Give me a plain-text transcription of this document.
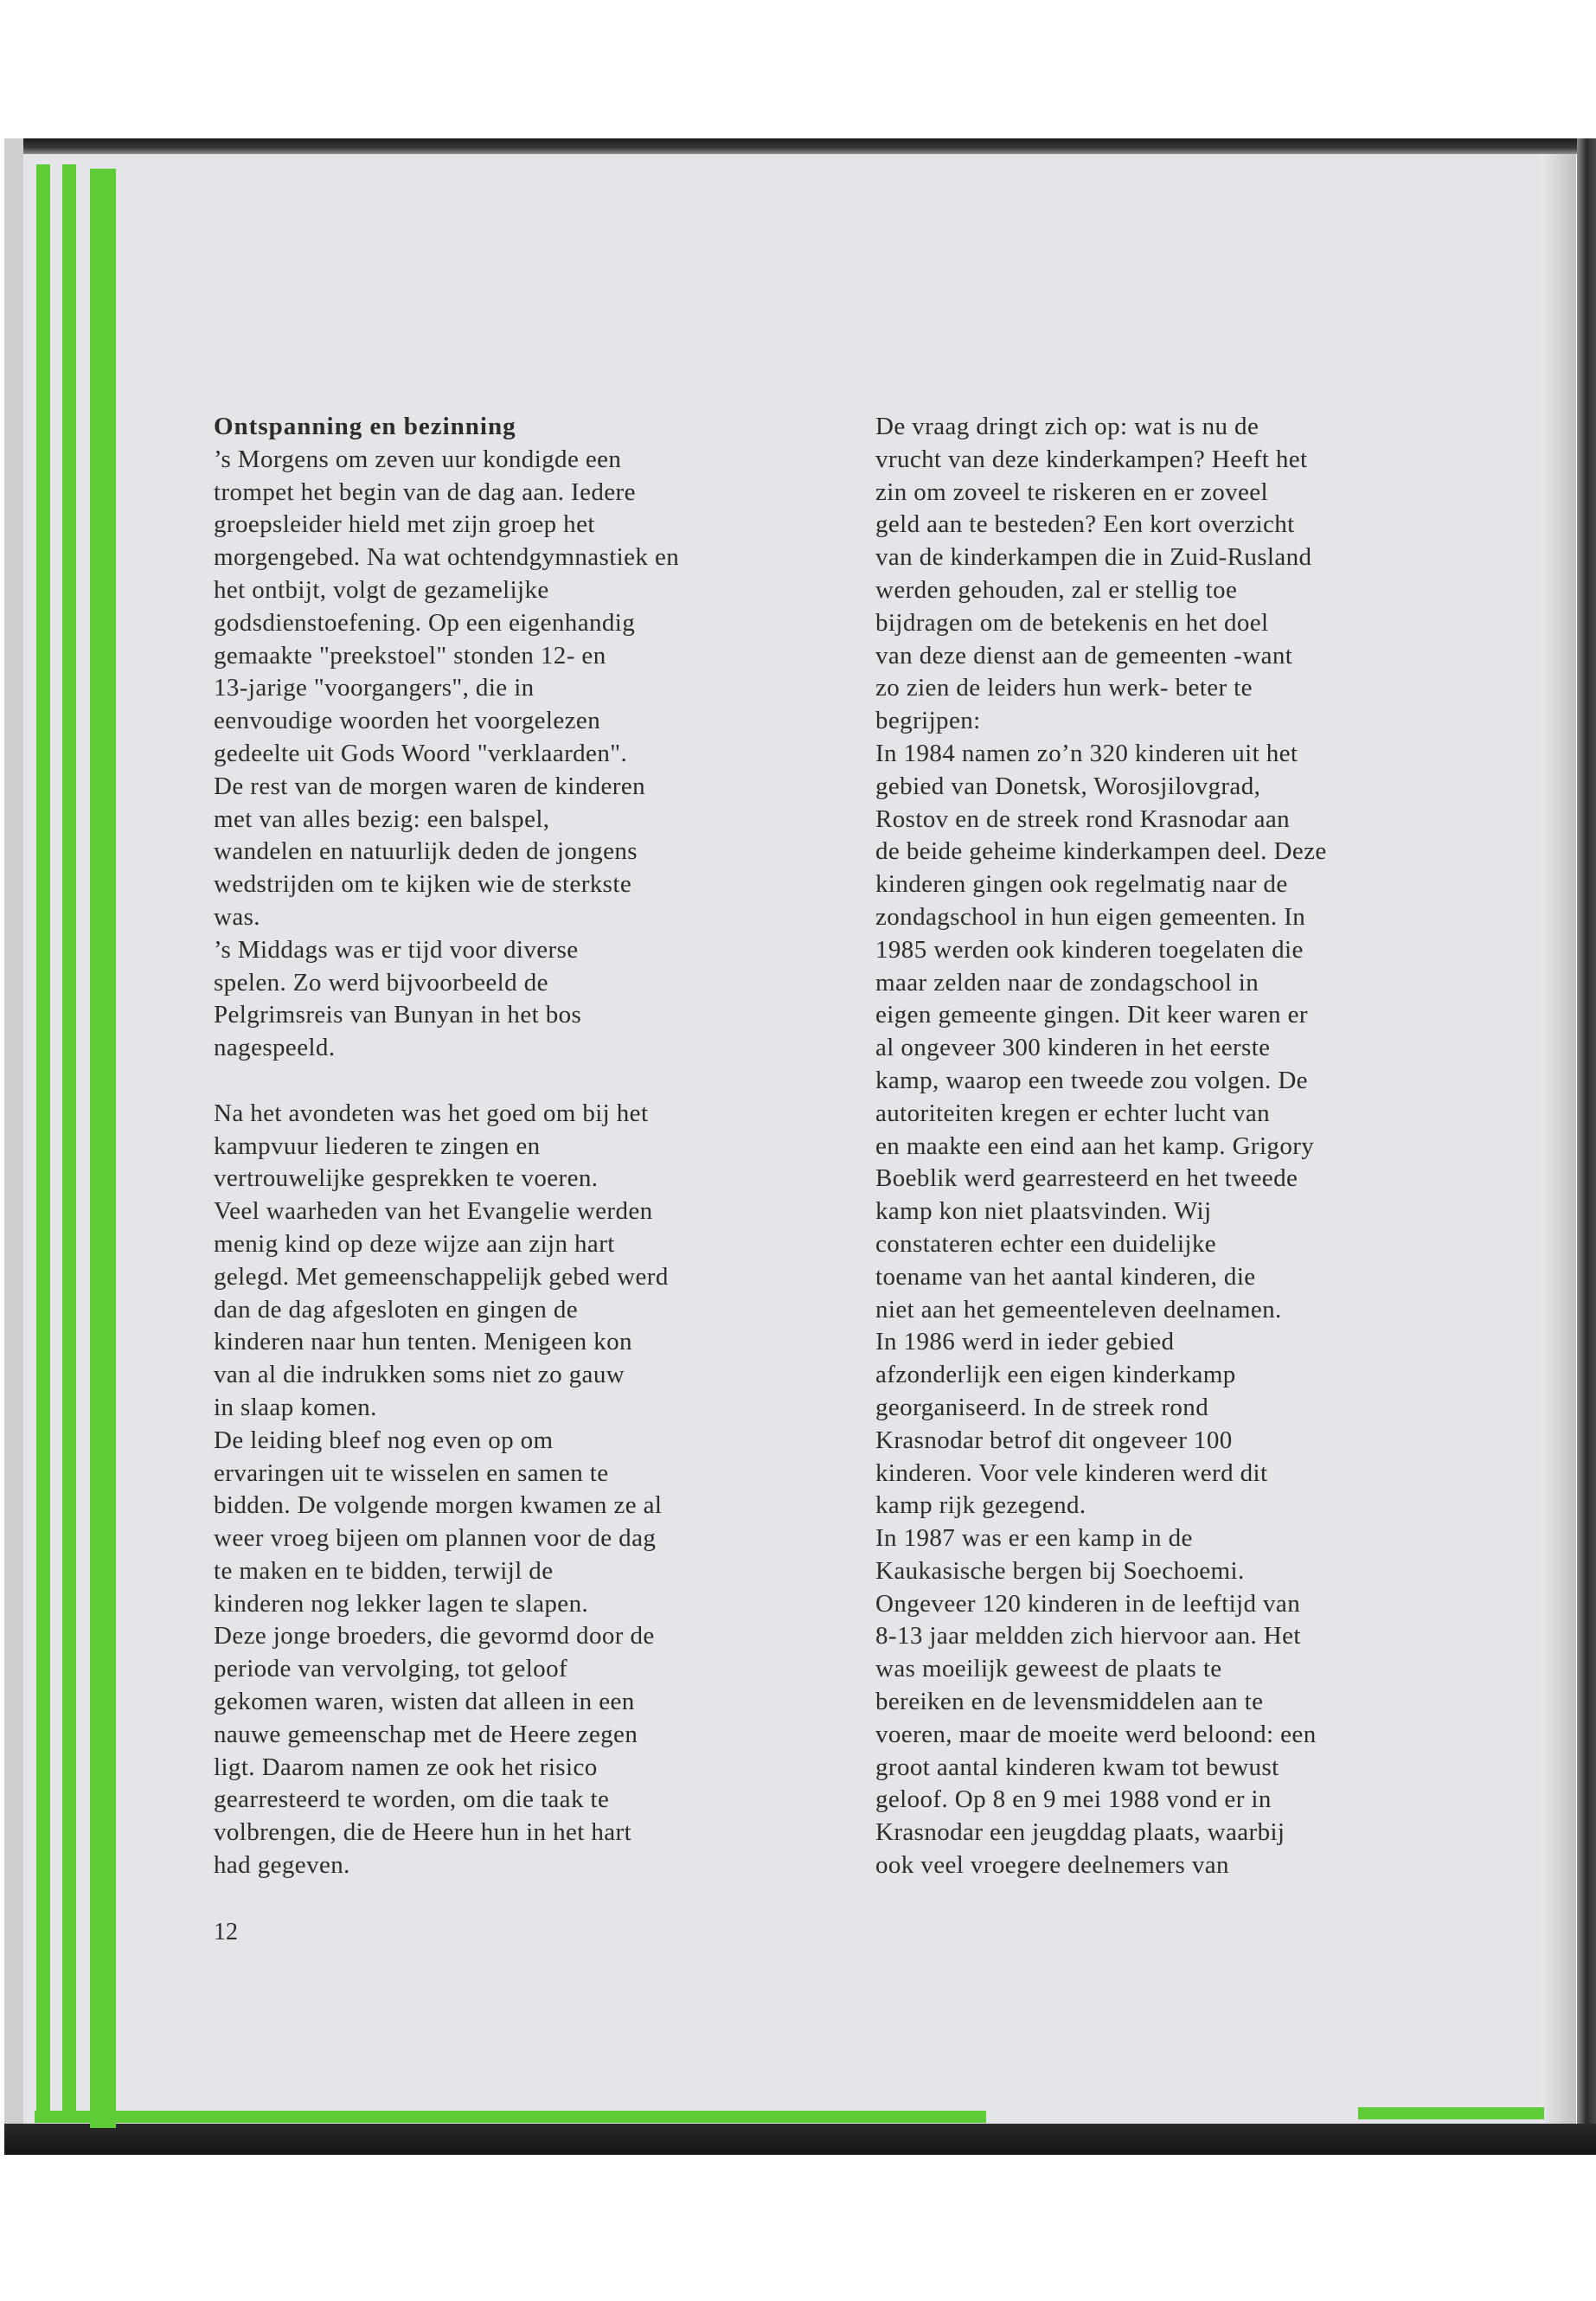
Ontspanning en bezinning
’s Morgens om zeven uur kondigde een
trompet het begin van de dag aan. Iedere
groepsleider hield met zijn groep het
morgengebed. Na wat ochtendgymnastiek en
het ontbijt, volgt de gezamelijke
godsdienstoefening. Op een eigenhandig
gemaakte "preekstoel" stonden 12- en
13-jarige "voorgangers", die in
eenvoudige woorden het voorgelezen
gedeelte uit Gods Woord "verklaarden".
De rest van de morgen waren de kinderen
met van alles bezig: een balspel,
wandelen en natuurlijk deden de jongens
wedstrijden om te kijken wie de sterkste
was.
’s Middags was er tijd voor diverse
spelen. Zo werd bijvoorbeeld de
Pelgrimsreis van Bunyan in het bos
nagespeeld.
Na het avondeten was het goed om bij het
kampvuur liederen te zingen en
vertrouwelijke gesprekken te voeren.
Veel waarheden van het Evangelie werden
menig kind op deze wijze aan zijn hart
gelegd. Met gemeenschappelijk gebed werd
dan de dag afgesloten en gingen de
kinderen naar hun tenten. Menigeen kon
van al die indrukken soms niet zo gauw
in slaap komen.
De leiding bleef nog even op om
ervaringen uit te wisselen en samen te
bidden. De volgende morgen kwamen ze al
weer vroeg bijeen om plannen voor de dag
te maken en te bidden, terwijl de
kinderen nog lekker lagen te slapen.
Deze jonge broeders, die gevormd door de
periode van vervolging, tot geloof
gekomen waren, wisten dat alleen in een
nauwe gemeenschap met de Heere zegen
ligt. Daarom namen ze ook het risico
gearresteerd te worden, om die taak te
volbrengen, die de Heere hun in het hart
had gegeven.
De vraag dringt zich op: wat is nu de
vrucht van deze kinderkampen? Heeft het
zin om zoveel te riskeren en er zoveel
geld aan te besteden? Een kort overzicht
van de kinderkampen die in Zuid-Rusland
werden gehouden, zal er stellig toe
bijdragen om de betekenis en het doel
van deze dienst aan de gemeenten -want
zo zien de leiders hun werk- beter te
begrijpen:
In 1984 namen zo’n 320 kinderen uit het
gebied van Donetsk, Worosjilovgrad,
Rostov en de streek rond Krasnodar aan
de beide geheime kinderkampen deel. Deze
kinderen gingen ook regelmatig naar de
zondagschool in hun eigen gemeenten. In
1985 werden ook kinderen toegelaten die
maar zelden naar de zondagschool in
eigen gemeente gingen. Dit keer waren er
al ongeveer 300 kinderen in het eerste
kamp, waarop een tweede zou volgen. De
autoriteiten kregen er echter lucht van
en maakte een eind aan het kamp. Grigory
Boeblik werd gearresteerd en het tweede
kamp kon niet plaatsvinden. Wij
constateren echter een duidelijke
toename van het aantal kinderen, die
niet aan het gemeenteleven deelnamen.
In 1986 werd in ieder gebied
afzonderlijk een eigen kinderkamp
georganiseerd. In de streek rond
Krasnodar betrof dit ongeveer 100
kinderen. Voor vele kinderen werd dit
kamp rijk gezegend.
In 1987 was er een kamp in de
Kaukasische bergen bij Soechoemi.
Ongeveer 120 kinderen in de leeftijd van
8-13 jaar meldden zich hiervoor aan. Het
was moeilijk geweest de plaats te
bereiken en de levensmiddelen aan te
voeren, maar de moeite werd beloond: een
groot aantal kinderen kwam tot bewust
geloof. Op 8 en 9 mei 1988 vond er in
Krasnodar een jeugddag plaats, waarbij
ook veel vroegere deelnemers van
12
